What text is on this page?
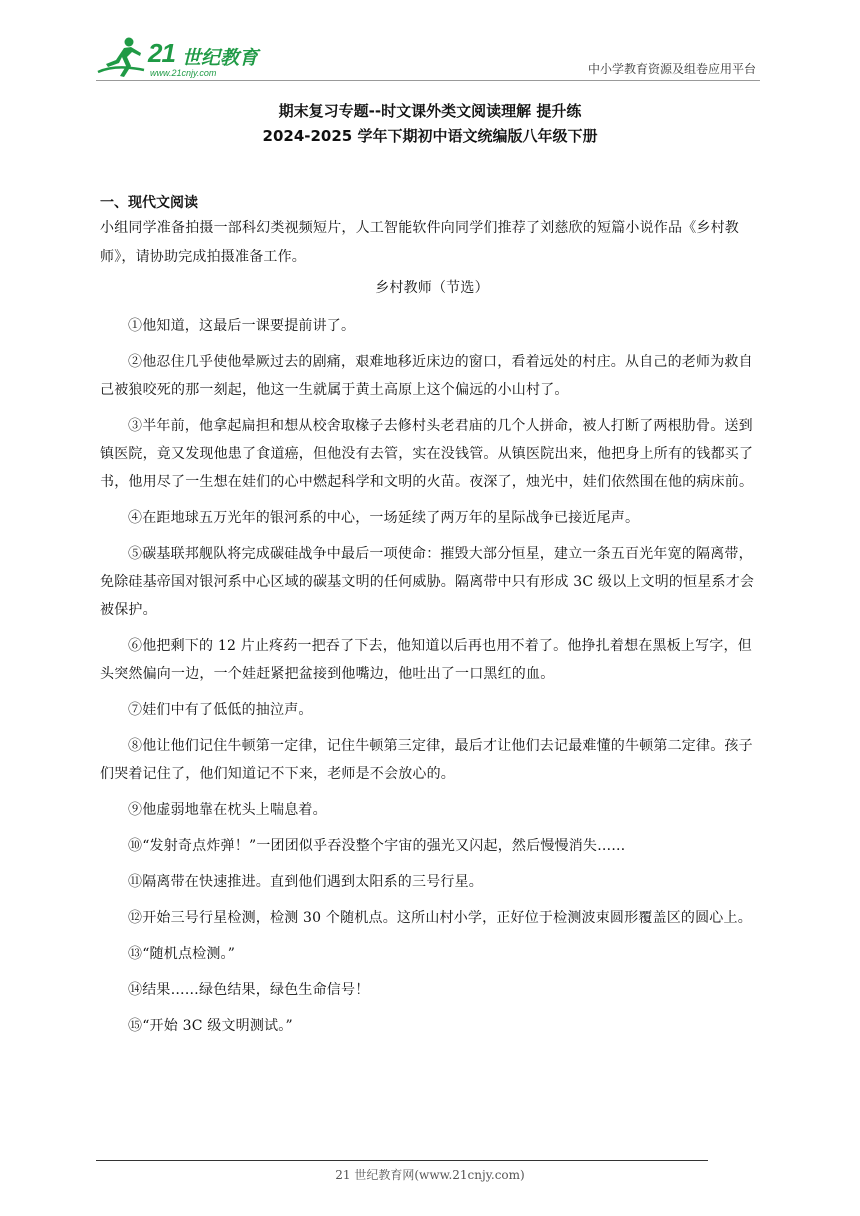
21 世纪教育
www.21cnjy.com	中小学教育资源及组卷应用平台
期末复习专题--时文课外类文阅读理解 提升练
2024-2025 学年下期初中语文统编版八年级下册
一、现代文阅读

小组同学准备拍摄一部科幻类视频短片，人工智能软件向同学们推荐了刘慈欣的短篇小说作品《乡村教师》，请协助完成拍摄准备工作。

乡村教师（节选）

①他知道，这最后一课要提前讲了。

②他忍住几乎使他晕厥过去的剧痛，艰难地移近床边的窗口，看着远处的村庄。从自己的老师为救自己被狼咬死的那一刻起，他这一生就属于黄土高原上这个偏远的小山村了。

③半年前，他拿起扁担和想从校舍取椽子去修村头老君庙的几个人拼命，被人打断了两根肋骨。送到镇医院，竟又发现他患了食道癌，但他没有去管，实在没钱管。从镇医院出来，他把身上所有的钱都买了书，他用尽了一生想在娃们的心中燃起科学和文明的火苗。夜深了，烛光中，娃们依然围在他的病床前。

④在距地球五万光年的银河系的中心，一场延续了两万年的星际战争已接近尾声。

⑤碳基联邦舰队将完成碳硅战争中最后一项使命：摧毁大部分恒星，建立一条五百光年宽的隔离带，免除硅基帝国对银河系中心区域的碳基文明的任何威胁。隔离带中只有形成 3C 级以上文明的恒星系才会被保护。

⑥他把剩下的 12 片止疼药一把吞了下去，他知道以后再也用不着了。他挣扎着想在黑板上写字，但头突然偏向一边，一个娃赶紧把盆接到他嘴边，他吐出了一口黑红的血。

⑦娃们中有了低低的抽泣声。

⑧他让他们记住牛顿第一定律，记住牛顿第三定律，最后才让他们去记最难懂的牛顿第二定律。孩子们哭着记住了，他们知道记不下来，老师是不会放心的。

⑨他虚弱地靠在枕头上喘息着。

⑩“发射奇点炸弹！”一团团似乎吞没整个宇宙的强光又闪起，然后慢慢消失……

⑪隔离带在快速推进。直到他们遇到太阳系的三号行星。

⑫开始三号行星检测，检测 30 个随机点。这所山村小学，正好位于检测波束圆形覆盖区的圆心上。

⑬“随机点检测。”

⑭结果……绿色结果，绿色生命信号！

⑮“开始 3C 级文明测试。”

21 世纪教育网(www.21cnjy.com)
